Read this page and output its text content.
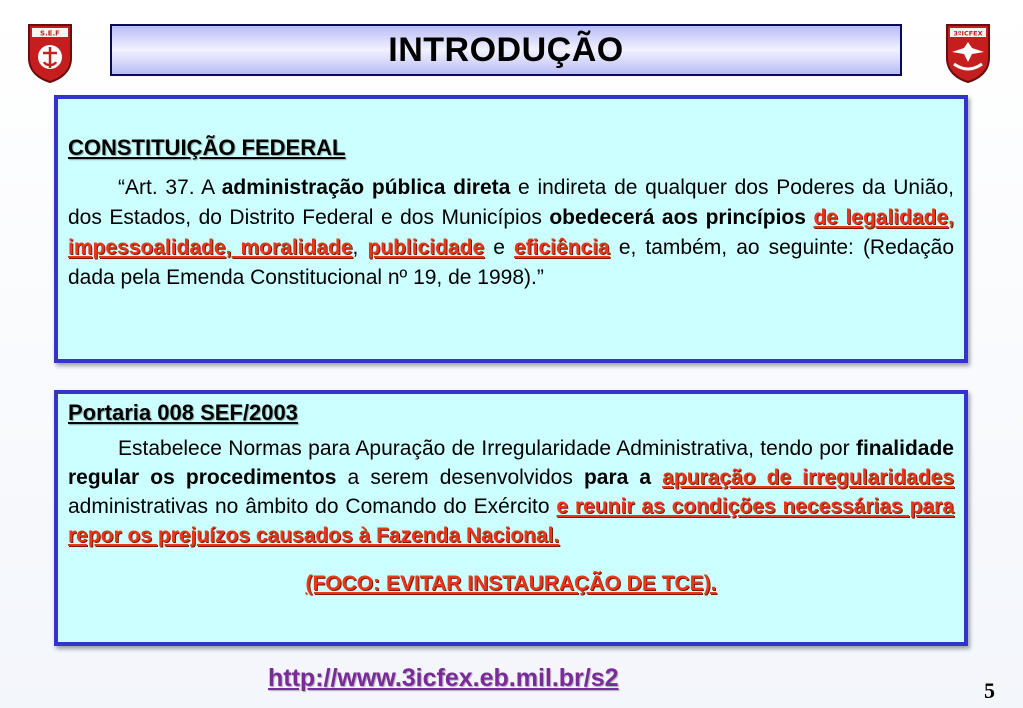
S.E.F	INTRODUÇÃO	3ºICFEX
CONSTITUIÇÃO FEDERAL

“Art. 37. A administração pública direta e indireta de qualquer dos Poderes da União, dos Estados, do Distrito Federal e dos Municípios obedecerá aos princípios de legalidade, impessoalidade, moralidade, publicidade e eficiência e, também, ao seguinte: (Redação dada pela Emenda Constitucional nº 19, de 1998).”

Portaria 008 SEF/2003

Estabelece Normas para Apuração de Irregularidade Administrativa, tendo por finalidade regular os procedimentos a serem desenvolvidos para a apuração de irregularidades administrativas no âmbito do Comando do Exército e reunir as condições necessárias para repor os prejuízos causados à Fazenda Nacional.

(FOCO: EVITAR INSTAURAÇÃO DE TCE).
http://www.3icfex.eb.mil.br/s2	5
